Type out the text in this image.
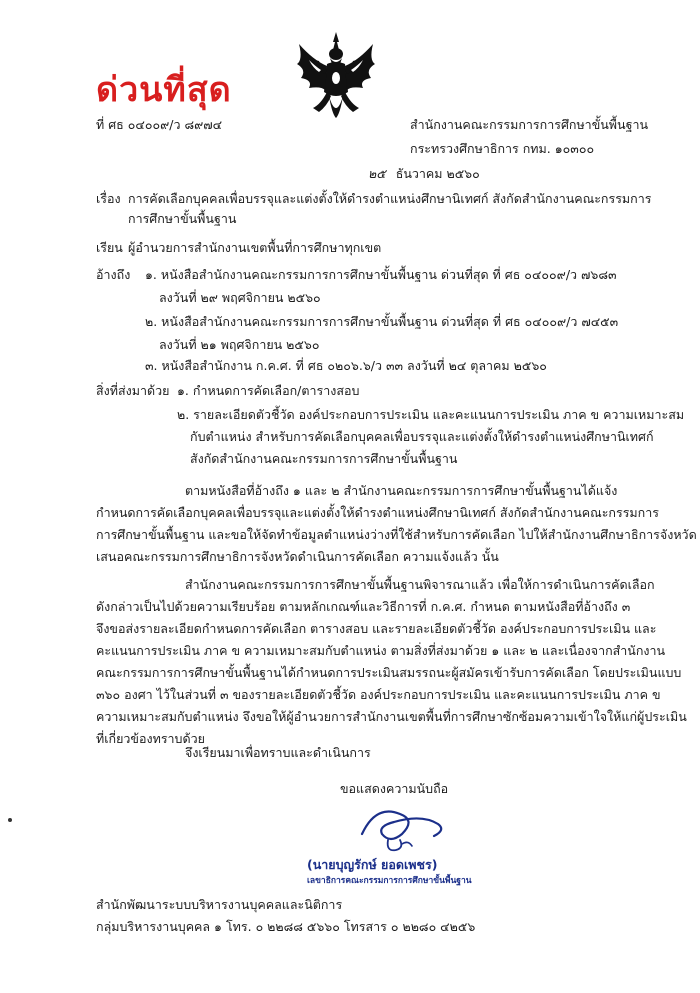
ด่วนที่สุด
ที่ ศธ ๐๔๐๐๙/ว ๘๙๗๔	สำนักงานคณะกรรมการการศึกษาขั้นพื้นฐาน
กระทรวงศึกษาธิการ กทม. ๑๐๓๐๐
๒๕ ธันวาคม ๒๕๖๐
เรื่อง การคัดเลือกบุคคลเพื่อบรรจุและแต่งตั้งให้ดำรงตำแหน่งศึกษานิเทศก์ สังกัดสำนักงานคณะกรรมการ
การศึกษาขั้นพื้นฐาน
เรียน ผู้อำนวยการสำนักงานเขตพื้นที่การศึกษาทุกเขต
อ้างถึง ๑. หนังสือสำนักงานคณะกรรมการการศึกษาขั้นพื้นฐาน ด่วนที่สุด ที่ ศธ ๐๔๐๐๙/ว ๗๖๘๓
ลงวันที่ ๒๙ พฤศจิกายน ๒๕๖๐
๒. หนังสือสำนักงานคณะกรรมการการศึกษาขั้นพื้นฐาน ด่วนที่สุด ที่ ศธ ๐๔๐๐๙/ว ๗๔๕๓
ลงวันที่ ๒๑ พฤศจิกายน ๒๕๖๐
๓. หนังสือสำนักงาน ก.ค.ศ. ที่ ศธ ๐๒๐๖.๖/ว ๓๓ ลงวันที่ ๒๔ ตุลาคม ๒๕๖๐
สิ่งที่ส่งมาด้วย ๑. กำหนดการคัดเลือก/ตารางสอบ
๒. รายละเอียดตัวชี้วัด องค์ประกอบการประเมิน และคะแนนการประเมิน ภาค ข ความเหมาะสม
กับตำแหน่ง สำหรับการคัดเลือกบุคคลเพื่อบรรจุและแต่งตั้งให้ดำรงตำแหน่งศึกษานิเทศก์
สังกัดสำนักงานคณะกรรมการการศึกษาขั้นพื้นฐาน
ตามหนังสือที่อ้างถึง ๑ และ ๒ สำนักงานคณะกรรมการการศึกษาขั้นพื้นฐานได้แจ้ง
กำหนดการคัดเลือกบุคคลเพื่อบรรจุและแต่งตั้งให้ดำรงตำแหน่งศึกษานิเทศก์ สังกัดสำนักงานคณะกรรมการ
การศึกษาขั้นพื้นฐาน และขอให้จัดทำข้อมูลตำแหน่งว่างที่ใช้สำหรับการคัดเลือก ไปให้สำนักงานศึกษาธิการจังหวัด
เสนอคณะกรรมการศึกษาธิการจังหวัดดำเนินการคัดเลือก ความแจ้งแล้ว นั้น
สำนักงานคณะกรรมการการศึกษาขั้นพื้นฐานพิจารณาแล้ว เพื่อให้การดำเนินการคัดเลือก
ดังกล่าวเป็นไปด้วยความเรียบร้อย ตามหลักเกณฑ์และวิธีการที่ ก.ค.ศ. กำหนด ตามหนังสือที่อ้างถึง ๓
จึงขอส่งรายละเอียดกำหนดการคัดเลือก ตารางสอบ และรายละเอียดตัวชี้วัด องค์ประกอบการประเมิน และ
คะแนนการประเมิน ภาค ข ความเหมาะสมกับตำแหน่ง ตามสิ่งที่ส่งมาด้วย ๑ และ ๒ และเนื่องจากสำนักงาน
คณะกรรมการการศึกษาขั้นพื้นฐานได้กำหนดการประเมินสมรรถนะผู้สมัครเข้ารับการคัดเลือก โดยประเมินแบบ
๓๖๐ องศา ไว้ในส่วนที่ ๓ ของรายละเอียดตัวชี้วัด องค์ประกอบการประเมิน และคะแนนการประเมิน ภาค ข
ความเหมาะสมกับตำแหน่ง จึงขอให้ผู้อำนวยการสำนักงานเขตพื้นที่การศึกษาซักซ้อมความเข้าใจให้แก่ผู้ประเมิน
ที่เกี่ยวข้องทราบด้วย
จึงเรียนมาเพื่อทราบและดำเนินการ
ขอแสดงความนับถือ
(นายบุญรักษ์ ยอดเพชร)
เลขาธิการคณะกรรมการการศึกษาขั้นพื้นฐาน
สำนักพัฒนาระบบบริหารงานบุคคลและนิติการ
กลุ่มบริหารงานบุคคล ๑ โทร. ๐ ๒๒๘๘ ๕๖๖๐ โทรสาร ๐ ๒๒๘๐ ๔๒๕๖
